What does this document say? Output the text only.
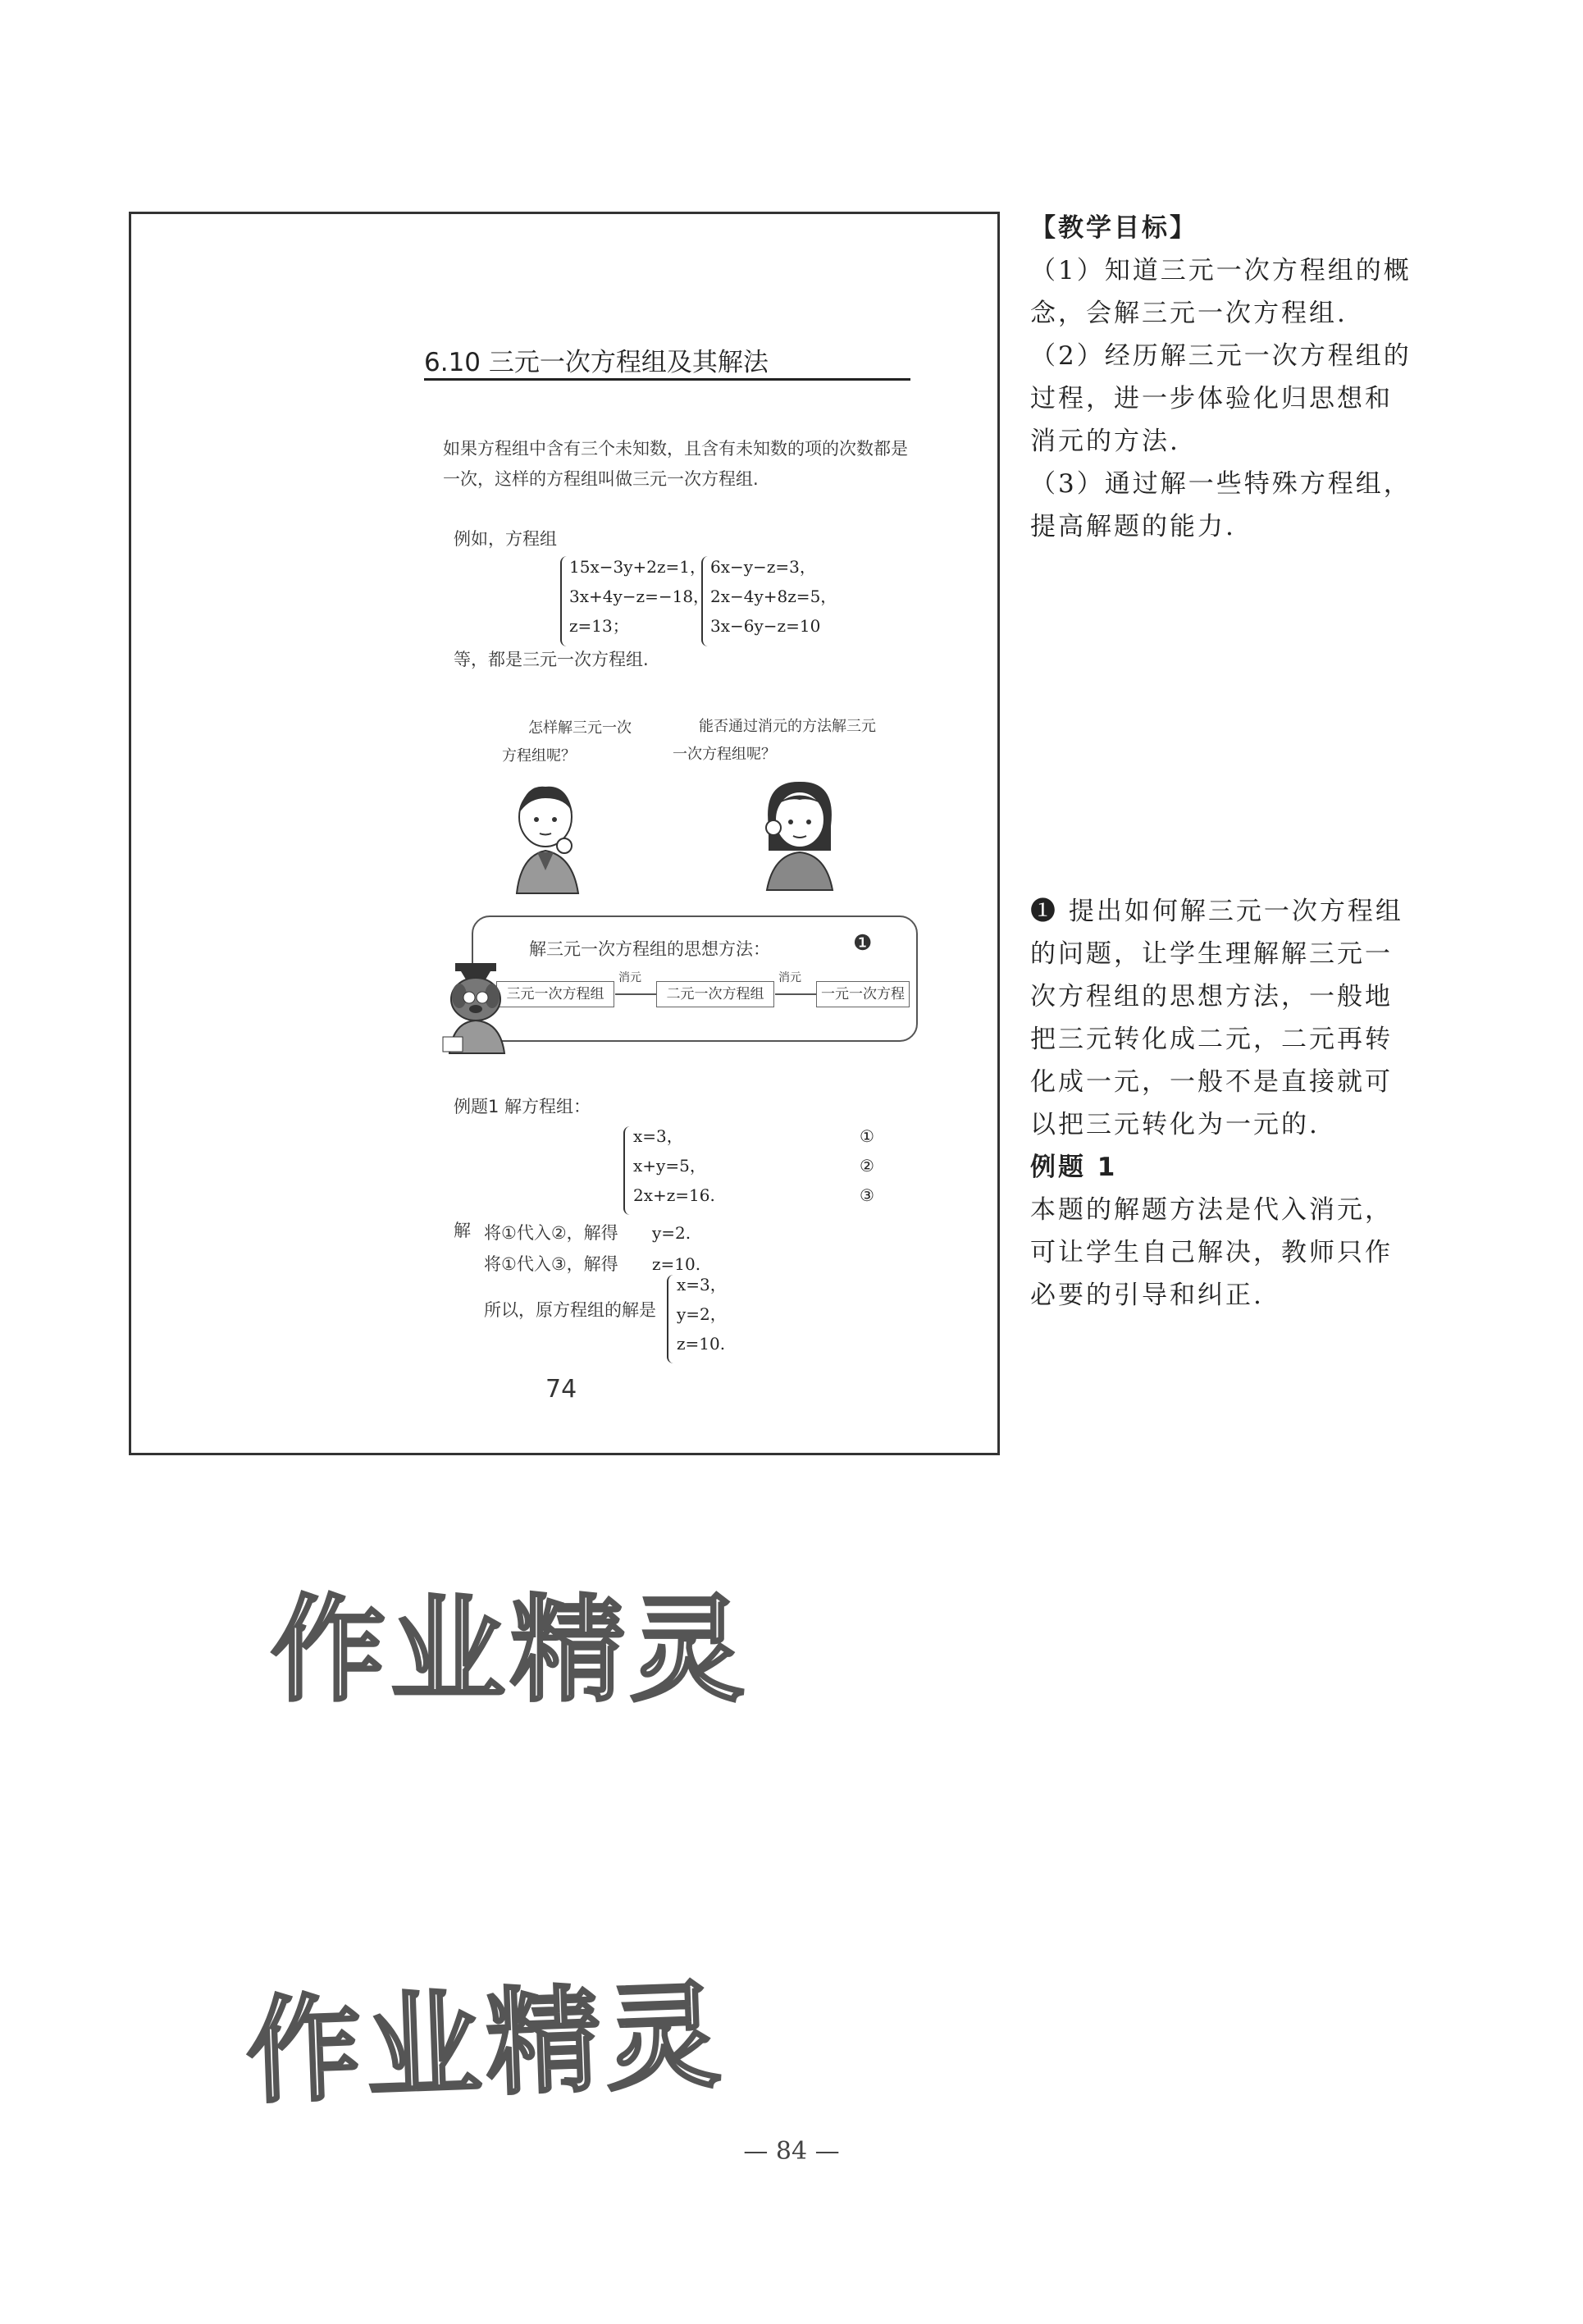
6.10 三元一次方程组及其解法
如果方程组中含有三个未知数，且含有未知数的项的次数都是一次，这样的方程组叫做三元一次方程组.
例如，方程组
15x−3y+2z=1，
3x+4y−z=−18，
z=13；
6x−y−z=3，
2x−4y+8z=5，
3x−6y−z=10
等，都是三元一次方程组.
怎样解三元一次
方程组呢？
能否通过消元的方法解三元
一次方程组呢？
解三元一次方程组的思想方法：	❶
三元一次方程组
消元
二元一次方程组
消元
一元一次方程
例题1 解方程组：
x=3，
x+y=5，
2x+z=16.
①
②
③
解 将①代入②，解得
将①代入③，解得
y=2.
z=10.
所以，原方程组的解是
x=3，
y=2，
z=10.
74
【教学目标】
（1）知道三元一次方程组的概
念，会解三元一次方程组.
（2）经历解三元一次方程组的
过程，进一步体验化归思想和
消元的方法.
（3）通过解一些特殊方程组，
提高解题的能力.
❶ 提出如何解三元一次方程组
的问题，让学生理解解三元一
次方程组的思想方法，一般地
把三元转化成二元，二元再转
化成一元，一般不是直接就可
以把三元转化为一元的.
例题 1
本题的解题方法是代入消元，
可让学生自己解决，教师只作
必要的引导和纠正.
作业精灵
作业精灵
— 84 —
